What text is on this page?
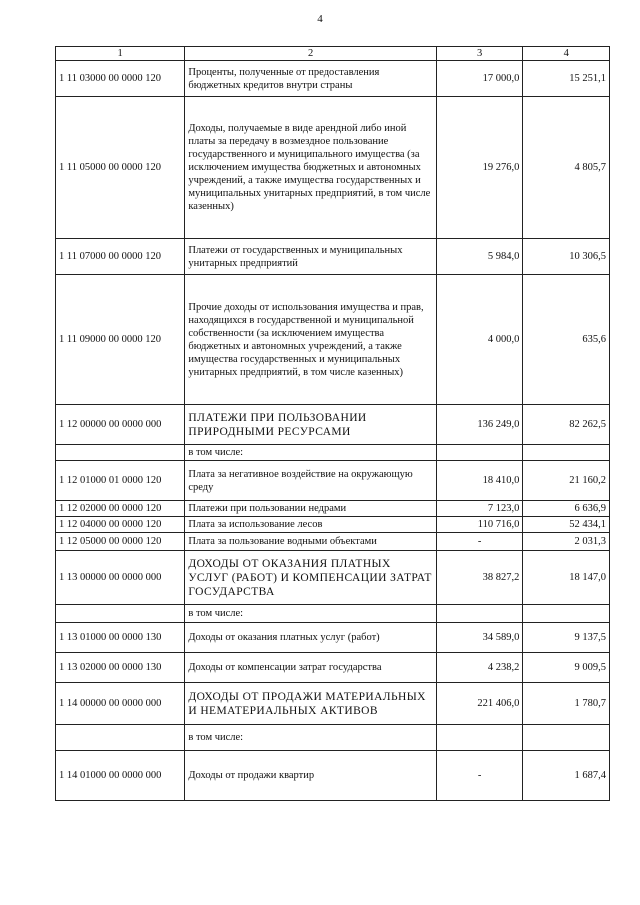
4
1	2	3	4
1 11 03000 00 0000 120	Проценты, полученные от предоставления бюджетных кредитов внутри страны	17 000,0	15 251,1
1 11 05000 00 0000 120	Доходы, получаемые в виде арендной либо иной платы за передачу в возмездное пользование государственного и муниципального имущества (за исключением имущества бюджетных и автономных учреждений, а также имущества государственных и муниципальных унитарных предприятий, в том числе казенных)	19 276,0	4 805,7
1 11 07000 00 0000 120	Платежи от государственных и муниципальных унитарных предприятий	5 984,0	10 306,5
1 11 09000 00 0000 120	Прочие доходы от использования имущества и прав, находящихся в государственной и муниципальной собственности (за исключением имущества бюджетных и автономных учреждений, а также имущества государственных и муниципальных унитарных предприятий, в том числе казенных)	4 000,0	635,6
1 12 00000 00 0000 000	ПЛАТЕЖИ ПРИ ПОЛЬЗОВАНИИ ПРИРОДНЫМИ РЕСУРСАМИ	136 249,0	82 262,5
	в том числе:		
1 12 01000 01 0000 120	Плата за негативное воздействие на окружающую среду	18 410,0	21 160,2
1 12 02000 00 0000 120	Платежи при пользовании недрами	7 123,0	6 636,9
1 12 04000 00 0000 120	Плата за использование лесов	110 716,0	52 434,1
1 12 05000 00 0000 120	Плата за пользование водными объектами	-	2 031,3
1 13 00000 00 0000 000	ДОХОДЫ ОТ ОКАЗАНИЯ ПЛАТНЫХ УСЛУГ (РАБОТ) И КОМПЕНСАЦИИ ЗАТРАТ ГОСУДАРСТВА	38 827,2	18 147,0
	в том числе:		
1 13 01000 00 0000 130	Доходы от оказания платных услуг (работ)	34 589,0	9 137,5
1 13 02000 00 0000 130	Доходы от компенсации затрат государства	4 238,2	9 009,5
1 14 00000 00 0000 000	ДОХОДЫ ОТ ПРОДАЖИ МАТЕРИАЛЬНЫХ И НЕМАТЕРИАЛЬНЫХ АКТИВОВ	221 406,0	1 780,7
	в том числе:		
1 14 01000 00 0000 000	Доходы от продажи квартир	-	1 687,4
